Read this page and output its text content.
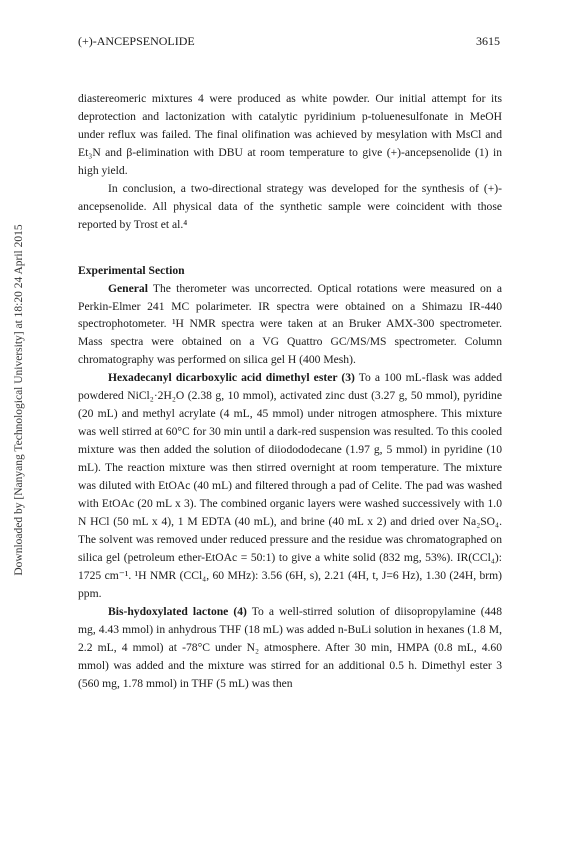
Downloaded by [Nanyang Technological University] at 18:20 24 April 2015
(+)-ANCEPSENOLIDE	3615

diastereomeric mixtures 4 were produced as white powder. Our initial attempt for its deprotection and lactonization with catalytic pyridinium p-toluenesulfonate in MeOH under reflux was failed. The final olifination was achieved by mesylation with MsCl and Et₃N and β-elimination with DBU at room temperature to give (+)-ancepsenolide (1) in high yield.

In conclusion, a two-directional strategy was developed for the synthesis of (+)-ancepsenolide. All physical data of the synthetic sample were coincident with those reported by Trost et al.⁴

Experimental Section

General The therometer was uncorrected. Optical rotations were measured on a Perkin-Elmer 241 MC polarimeter. IR spectra were obtained on a Shimazu IR-440 spectrophotometer. ¹H NMR spectra were taken at an Bruker AMX-300 spectrometer. Mass spectra were obtained on a VG Quattro GC/MS/MS spectrometer. Column chromatography was performed on silica gel H (400 Mesh).

Hexadecanyl dicarboxylic acid dimethyl ester (3) To a 100 mL-flask was added powdered NiCl₂·2H₂O (2.38 g, 10 mmol), activated zinc dust (3.27 g, 50 mmol), pyridine (20 mL) and methyl acrylate (4 mL, 45 mmol) under nitrogen atmosphere. This mixture was well stirred at 60°C for 30 min until a dark-red suspension was resulted. To this cooled mixture was then added the solution of diiodododecane (1.97 g, 5 mmol) in pyridine (10 mL). The reaction mixture was then stirred overnight at room temperature. The mixture was diluted with EtOAc (40 mL) and filtered through a pad of Celite. The pad was washed with EtOAc (20 mL x 3). The combined organic layers were washed successively with 1.0 N HCl (50 mL x 4), 1 M EDTA (40 mL), and brine (40 mL x 2) and dried over Na₂SO₄. The solvent was removed under reduced pressure and the residue was chromatographed on silica gel (petroleum ether-EtOAc = 50:1) to give a white solid (832 mg, 53%). IR(CCl₄): 1725 cm⁻¹. ¹H NMR (CCl₄, 60 MHz): 3.56 (6H, s), 2.21 (4H, t, J=6 Hz), 1.30 (24H, brm) ppm.

Bis-hydoxylated lactone (4) To a well-stirred solution of diisopropylamine (448 mg, 4.43 mmol) in anhydrous THF (18 mL) was added n-BuLi solution in hexanes (1.8 M, 2.2 mL, 4 mmol) at -78°C under N₂ atmosphere. After 30 min, HMPA (0.8 mL, 4.60 mmol) was added and the mixture was stirred for an additional 0.5 h. Dimethyl ester 3 (560 mg, 1.78 mmol) in THF (5 mL) was then
